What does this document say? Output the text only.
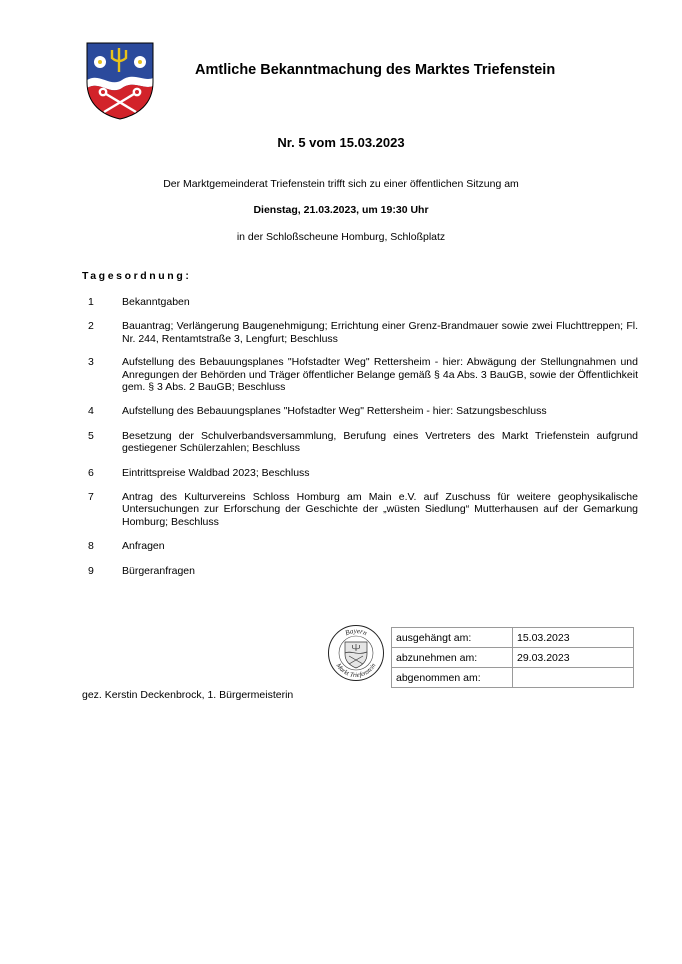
Amtliche Bekanntmachung des Marktes Triefenstein
Nr. 5 vom 15.03.2023
Der Marktgemeinderat Triefenstein trifft sich zu einer öffentlichen Sitzung am
Dienstag, 21.03.2023, um 19:30 Uhr
in der Schloßscheune Homburg, Schloßplatz
Tagesordnung:
1	Bekanntgaben
2	Bauantrag; Verlängerung Baugenehmigung; Errichtung einer Grenz-Brandmauer sowie zwei Fluchttreppen; Fl. Nr. 244, Rentamtstraße 3, Lengfurt; Beschluss
3	Aufstellung des Bebauungsplanes "Hofstadter Weg" Rettersheim - hier: Abwägung der Stellungnahmen und Anregungen der Behörden und Träger öffentlicher Belange gemäß § 4a Abs. 3 BauGB, sowie der Öffentlichkeit gem. § 3 Abs. 2 BauGB; Beschluss
4	Aufstellung des Bebauungsplanes "Hofstadter Weg" Rettersheim - hier: Satzungsbeschluss
5	Besetzung der Schulverbandsversammlung, Berufung eines Vertreters des Markt Triefenstein aufgrund gestiegener Schülerzahlen; Beschluss
6	Eintrittspreise Waldbad 2023; Beschluss
7	Antrag des Kulturvereins Schloss Homburg am Main e.V. auf Zuschuss für weitere geophysikalische Untersuchungen zur Erforschung der Geschichte der „wüsten Siedlung“ Mutterhausen auf der Gemarkung Homburg; Beschluss
8	Anfragen
9	Bürgeranfragen
Bayern
Markt Triefenstein
ausgehängt am:	15.03.2023
abzunehmen am:	29.03.2023
abgenommen am:	
gez. Kerstin Deckenbrock, 1. Bürgermeisterin
